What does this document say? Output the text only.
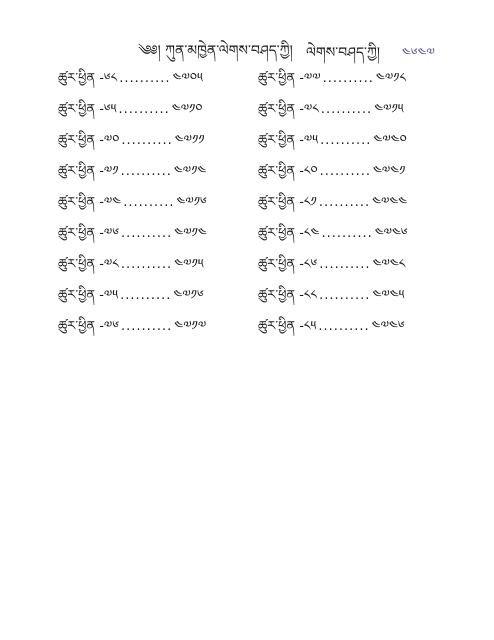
༄༅། ཀུན་མཁྱེན་ལེགས་བཤད་ཀྱི། ལེགས་བཤད་ཀྱི། ༤༦༤༧
ཚུར་ཕྱིན - ༦༨ .......... ༤༧༠༥	ཚུར་ཕྱིན - ༧༧ .......... ༤༧༡༨
ཚུར་ཕྱིན - ༦༥ .......... ༤༧༡༠	ཚུར་ཕྱིན - ༧༨ .......... ༤༧༡༥
ཚུར་ཕྱིན - ༧༠ .......... ༤༧༡༡	ཚུར་ཕྱིན - ༧༥ .......... ༤༧༤༠
ཚུར་ཕྱིན - ༧༡ .......... ༤༧༡༤	ཚུར་ཕྱིན - ༨༠ .......... ༤༧༤༡
ཚུར་ཕྱིན - ༧༤ .......... ༤༧༡༦	ཚུར་ཕྱིན - ༨༡ .......... ༤༧༤༤
ཚུར་ཕྱིན - ༧༦ .......... ༤༧༡༤	ཚུར་ཕྱིན - ༨༤ .......... ༤༧༤༦
ཚུར་ཕྱིན - ༧༨ .......... ༤༧༡༥	ཚུར་ཕྱིན - ༨༦ .......... ༤༧༤༨
ཚུར་ཕྱིན - ༧༥ .......... ༤༧༡༦	ཚུར་ཕྱིན - ༨༨ .......... ༤༧༤༥
ཚུར་ཕྱིན - ༧༦ .......... ༤༧༡༧	ཚུར་ཕྱིན - ༨༥ .......... ༤༧༤༦
